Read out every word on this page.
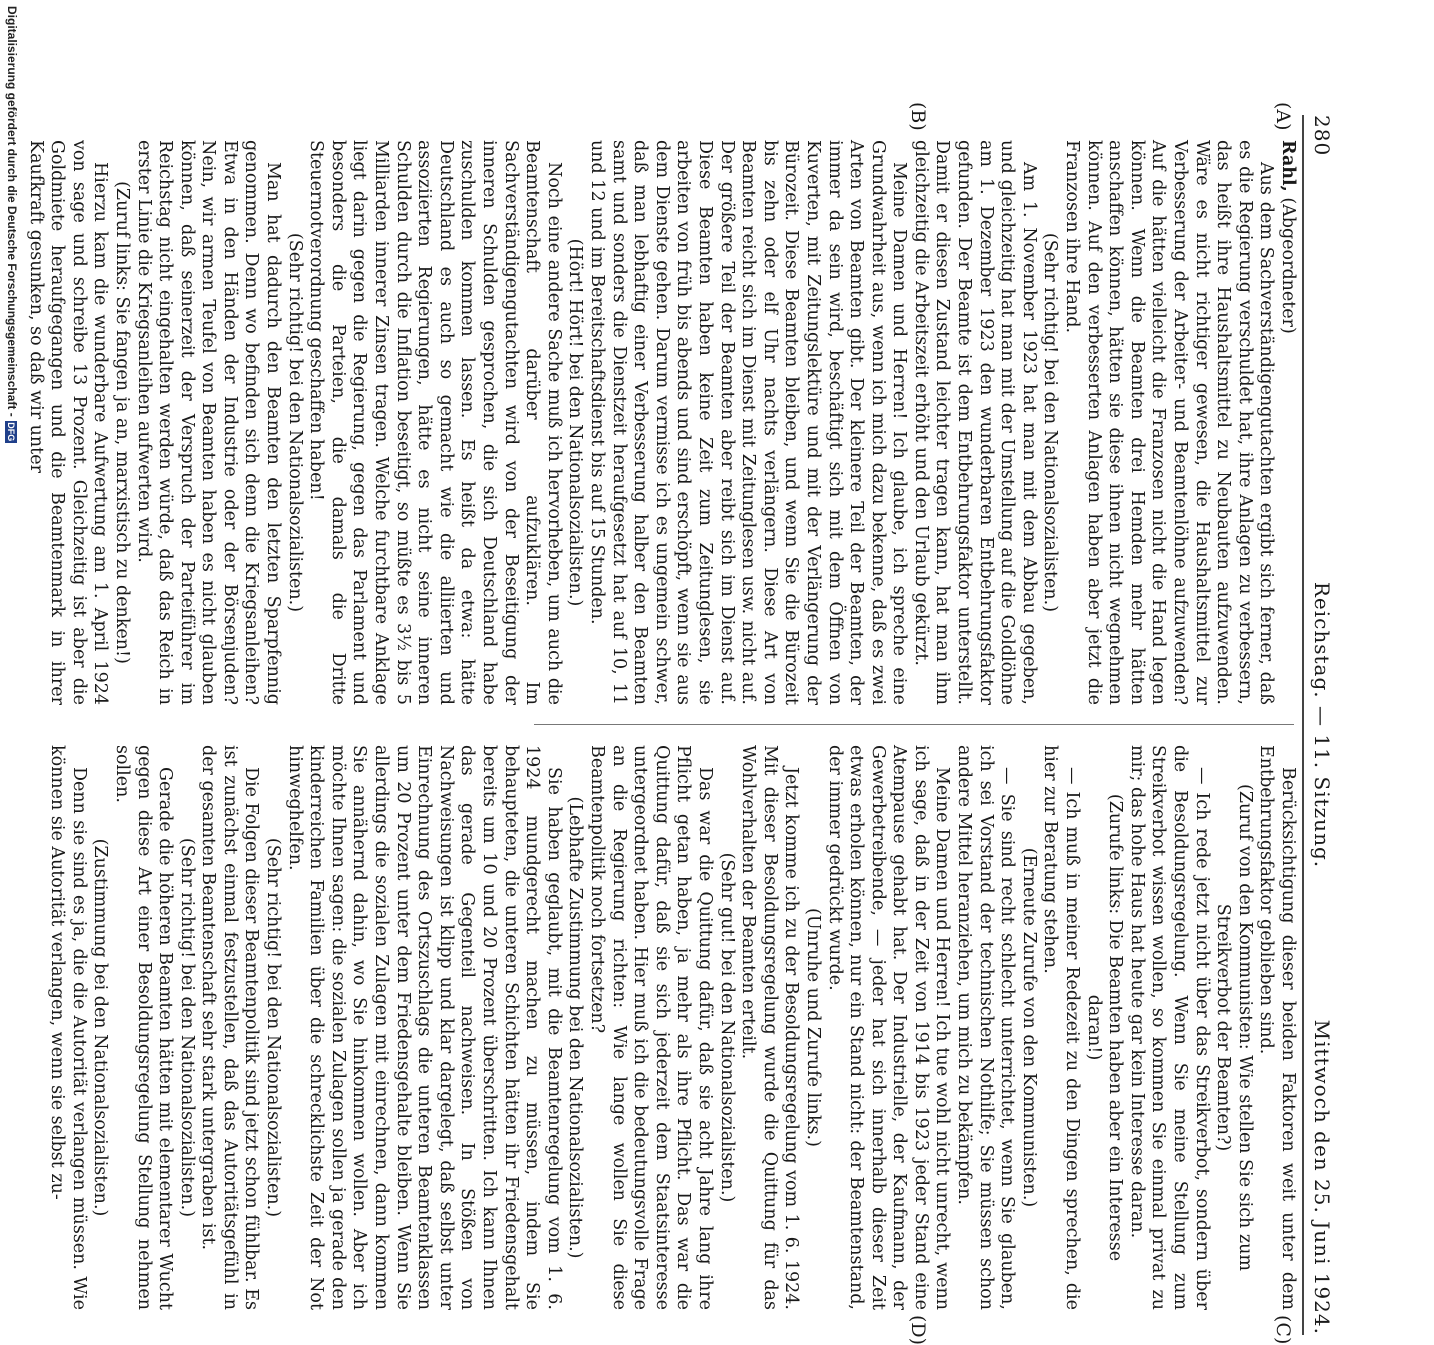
280
Reichstag. — 11. Sitzung.
Mittwoch den 25. Juni 1924.
(A)
(B)
(C)
(D)

Rahl, (Abgeordneter)

Aus dem Sachverständigengutachten ergibt sich ferner, daß es die Regierung verschuldet hat, ihre Anlagen zu verbessern, das heißt ihre Haushaltsmittel zu Neubauten aufzuwenden. Wäre es nicht richtiger gewesen, die Haushaltsmittel zur Verbesserung der Arbeiter- und Beamtenlöhne aufzuwenden? Auf die hätten vielleicht die Franzosen nicht die Hand legen können. Wenn die Beamten drei Hemden mehr hätten anschaffen können, hätten sie diese ihnen nicht wegnehmen können. Auf den verbesserten Anlagen haben aber jetzt die Franzosen ihre Hand.

(Sehr richtig! bei den Nationalsozialisten.)

Am 1. November 1923 hat man mit dem Abbau gegeben, und gleichzeitig hat man mit der Umstellung auf die Goldlöhne am 1. Dezember 1923 den wunderbaren Entbehrungsfaktor gefunden. Der Beamte ist dem Entbehrungsfaktor unterstellt. Damit er diesen Zustand leichter tragen kann, hat man ihm gleichzeitig die Arbeitszeit erhöht und den Urlaub gekürzt.

Meine Damen und Herren! Ich glaube, ich spreche eine Grundwahrheit aus, wenn ich mich dazu bekenne, daß es zwei Arten von Beamten gibt. Der kleinere Teil der Beamten, der immer da sein wird, beschäftigt sich mit dem Öffnen von Kuverten, mit Zeitungslektüre und mit der Verlängerung der Bürozeit. Diese Beamten bleiben, und wenn Sie die Bürozeit bis zehn oder elf Uhr nachts verlängern. Diese Art von Beamten reicht sich im Dienst mit Zeitunglesen usw. nicht auf. Der größere Teil der Beamten aber reibt sich im Dienst auf. Diese Beamten haben keine Zeit zum Zeitunglesen, sie arbeiten von früh bis abends und sind erschöpft, wenn sie aus dem Dienste gehen. Darum vermisse ich es ungemein schwer, daß man lebhaftig einer Verbesserung halber den Beamten samt und sonders die Dienstzeit heraufgesetzt hat auf 10, 11 und 12 und im Bereitschaftsdienst bis auf 15 Stunden.

(Hört! Hört! bei den Nationalsozialisten.)

Noch eine andere Sache muß ich hervorheben, um auch die Beamtenschaft darüber aufzuklären. Im Sachverständigengutachten wird von der Beseitigung der inneren Schulden gesprochen, die sich Deutschland habe zuschulden kommen lassen. Es heißt da etwa: hätte Deutschland es auch so gemacht wie die alliierten und assoziierten Regierungen, hätte es nicht seine inneren Schulden durch die Inflation beseitigt, so müßte es 3½ bis 5 Milliarden innerer Zinsen tragen. Welche furchtbare Anklage liegt darin gegen die Regierung, gegen das Parlament und besonders die Parteien, die damals die Dritte Steuernotverordnung geschaffen haben!

(Sehr richtig! bei den Nationalsozialisten.)

Man hat dadurch den Beamten den letzten Sparpfennig genommen. Denn wo befinden sich denn die Kriegsanleihen? Etwa in den Händen der Industrie oder der Börsenjuden? Nein, wir armen Teufel von Beamten haben es nicht glauben können, daß seinerzeit der Verspruch der Parteiführer im Reichstag nicht eingehalten werden würde, daß das Reich in erster Linie die Kriegsanleihen aufwerten wird.

(Zuruf links: Sie fangen ja an, marxistisch zu denken!)

Hierzu kam die wunderbare Aufwertung am 1. April 1924 von sage und schreibe 13 Prozent. Gleichzeitig ist aber die Goldmiete heraufgegangen und die Beamtenmark in ihrer Kaufkraft gesunken, so daß wir unter

Berücksichtigung dieser beiden Faktoren weit unter dem Entbehrungsfaktor geblieben sind.

(Zuruf von den Kommunisten: Wie stellen Sie sich zum Streikverbot der Beamten?)

— Ich rede jetzt nicht über das Streikverbot, sondern über die Besoldungsregelung. Wenn Sie meine Stellung zum Streikverbot wissen wollen, so kommen Sie einmal privat zu mir; das hohe Haus hat heute gar kein Interesse daran.

(Zurufe links: Die Beamten haben aber ein Interesse daran!)

— Ich muß in meiner Redezeit zu den Dingen sprechen, die hier zur Beratung stehen.

(Erneute Zurufe von den Kommunisten.)

— Sie sind recht schlecht unterrichtet, wenn Sie glauben, ich sei Vorstand der technischen Nothilfe; Sie müssen schon andere Mittel heranziehen, um mich zu bekämpfen.

Meine Damen und Herren! Ich tue wohl nicht unrecht, wenn ich sage, daß in der Zeit von 1914 bis 1923 jeder Stand eine Atempause gehabt hat. Der Industrielle, der Kaufmann, der Gewerbetreibende, — jeder hat sich innerhalb dieser Zeit etwas erholen können, nur ein Stand nicht: der Beamtenstand, der immer gedrückt wurde.

(Unruhe und Zurufe links.)

Jetzt komme ich zu der Besoldungsregelung vom 1. 6. 1924. Mit dieser Besoldungsregelung wurde die Quittung für das Wohlverhalten der Beamten erteilt.

(Sehr gut! bei den Nationalsozialisten.)

Das war die Quittung dafür, daß sie acht Jahre lang ihre Pflicht getan haben, ja mehr als ihre Pflicht. Das war die Quittung dafür, daß sie sich jederzeit dem Staatsinteresse untergeordnet haben. Hier muß ich die bedeutungsvolle Frage an die Regierung richten: Wie lange wollen Sie diese Beamtenpolitik noch fortsetzen?

(Lebhafte Zustimmung bei den Nationalsozialisten.)

Sie haben geglaubt, mit die Beamtenregelung vom 1. 6. 1924 mundgerecht machen zu müssen, indem Sie behaupteten, die unteren Schichten hätten ihr Friedensgehalt bereits um 10 und 20 Prozent überschritten. Ich kann Ihnen das gerade Gegenteil nachweisen. In Stößen von Nachweisungen ist klipp und klar dargelegt, daß selbst unter Einrechnung des Ortszuschlags die unteren Beamtenklassen um 20 Prozent unter dem Friedensgehalte bleiben. Wenn Sie allerdings die sozialen Zulagen mit einrechnen, dann kommen Sie annähernd dahin, wo Sie hinkommen wollen. Aber ich möchte Ihnen sagen: die sozialen Zulagen sollen ja gerade den kinderreichen Familien über die schrecklichste Zeit der Not hinweghelfen.

(Sehr richtig! bei den Nationalsozialisten.)

Die Folgen dieser Beamtenpolitik sind jetzt schon fühlbar. Es ist zunächst einmal festzustellen, daß das Autoritätsgefühl in der gesamten Beamtenschaft sehr stark untergraben ist.

(Sehr richtig! bei den Nationalsozialisten.)

Gerade die höheren Beamten hätten mit elementarer Wucht gegen diese Art einer Besoldungsregelung Stellung nehmen sollen.

(Zustimmung bei den Nationalsozialisten.)

Denn sie sind es ja, die die Autorität verlangen müssen. Wie können sie Autorität verlangen, wenn sie selbst zu-

Digitalisierung gefördert durch die Deutsche Forschungsgemeinschaft -DFG
